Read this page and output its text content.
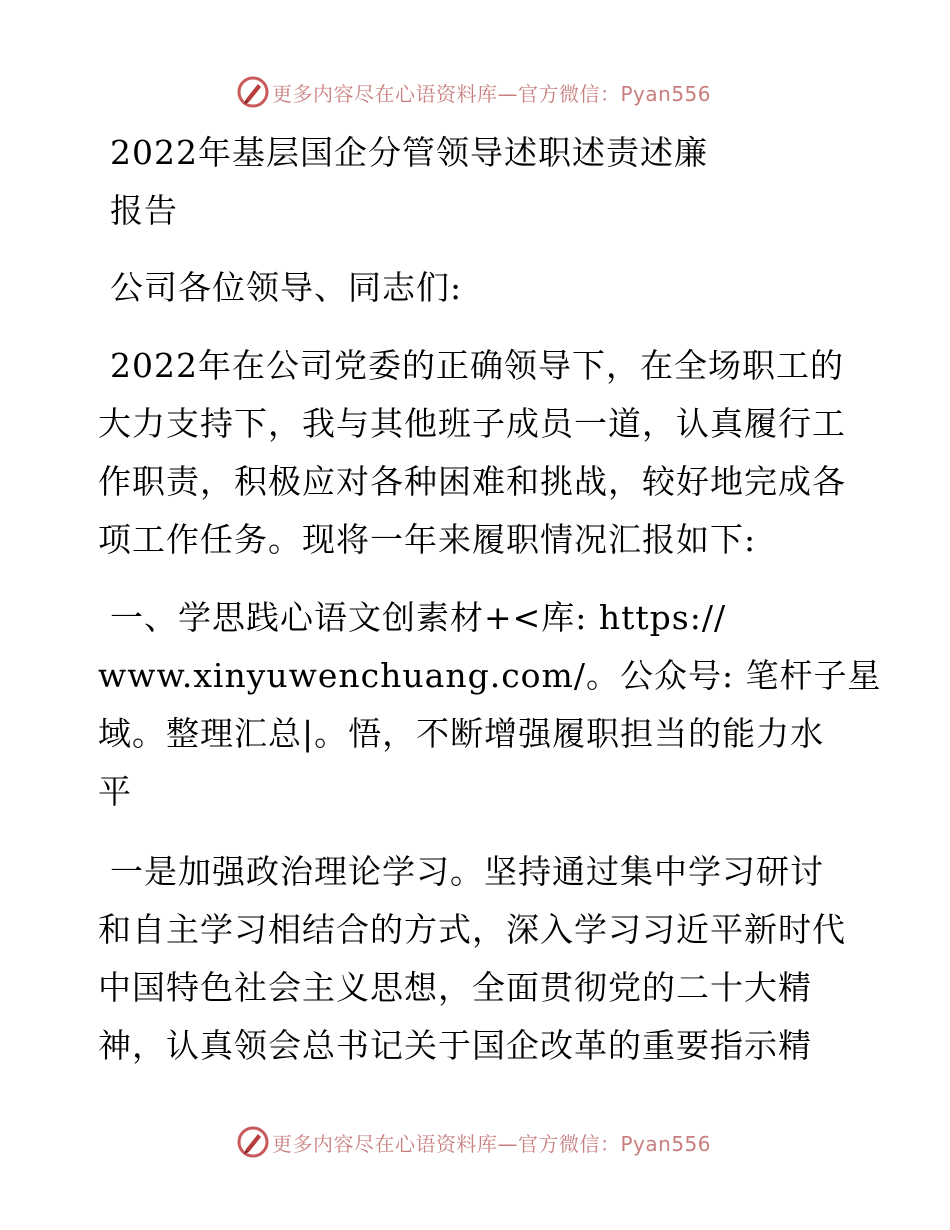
更多内容尽在心语资料库—官方微信：Pyan556
2022年基层国企分管领导述职述责述廉
报告
公司各位领导、同志们:
2022年在公司党委的正确领导下，在全场职工的
大力支持下，我与其他班子成员一道，认真履行工
作职责，积极应对各种困难和挑战，较好地完成各
项工作任务。现将一年来履职情况汇报如下:
一、学思践心语文创素材+<库: https://
www.xinyuwenchuang.com/。公众号: 笔杆子星
域。整理汇总|。悟，不断增强履职担当的能力水
平
一是加强政治理论学习。坚持通过集中学习研讨
和自主学习相结合的方式，深入学习习近平新时代
中国特色社会主义思想，全面贯彻党的二十大精
神，认真领会总书记关于国企改革的重要指示精
更多内容尽在心语资料库—官方微信：Pyan556
